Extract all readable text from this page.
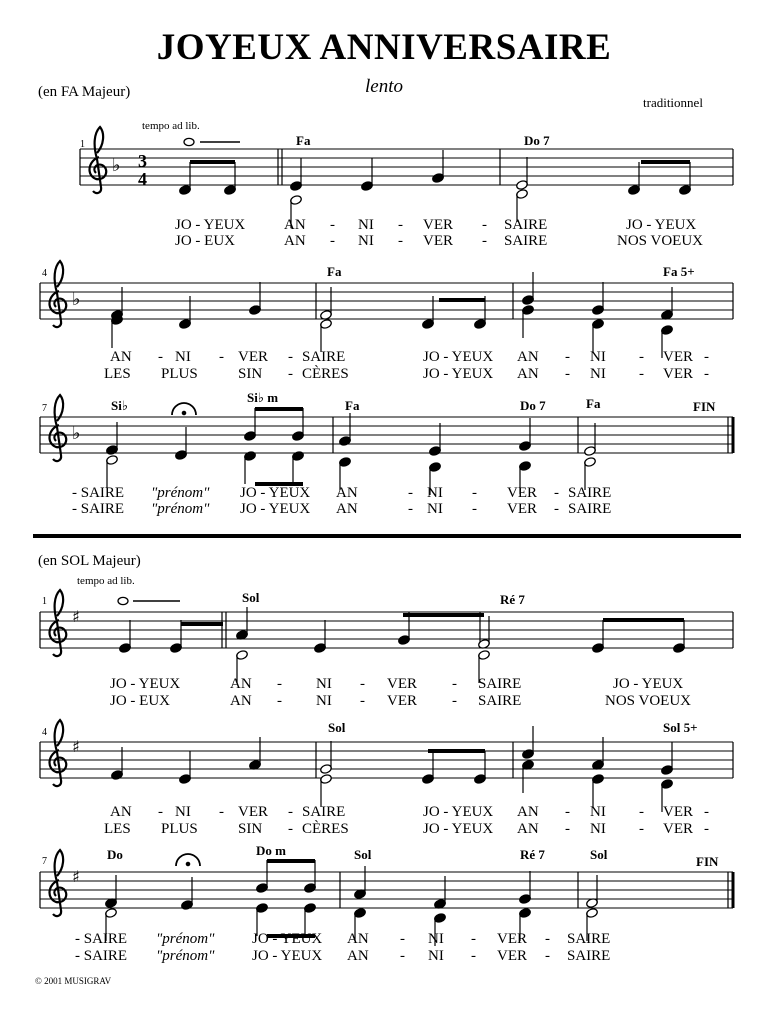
JOYEUX ANNIVERSAIRE
lento
(en FA Majeur)
traditionnel
tempo ad lib.
1	Fa	Do 7
JO - YEUX	AN - NI - VER - SAIRE	JO - YEUX
JO - EUX	AN - NI - VER - SAIRE	NOS VOEUX
4	Fa	Fa 5+
AN - NI - VER - SAIRE	JO - YEUX AN - NI - VER -
LES PLUS	SIN - CÈRES	JO - YEUX AN - NI - VER -
7	Si♭
Si♭ m
Fa	Do 7	Fa	FIN
- SAIRE "prénom" JO - YEUX AN	- NI - VER - SAIRE
- SAIRE "prénom" JO - YEUX AN	- NI - VER - SAIRE
(en SOL Majeur)
tempo ad lib.
1	Sol	Ré 7
JO - YEUX	AN - NI - VER - SAIRE	JO - YEUX
JO - EUX	AN - NI - VER - SAIRE	NOS VOEUX
4	Sol	Sol 5+
AN - NI - VER - SAIRE	JO - YEUX AN - NI - VER -
LES PLUS	SIN - CÈRES	JO - YEUX AN - NI - VER -
7	Do	Do m	Sol	Ré 7	Sol	FIN
- SAIRE "prénom"	JO - YEUX AN - NI - VER - SAIRE
- SAIRE "prénom"	JO - YEUX AN - NI - VER - SAIRE
© 2001 MUSIGRAV
♭ 3
4
♭
♭
♯
♯
♯
